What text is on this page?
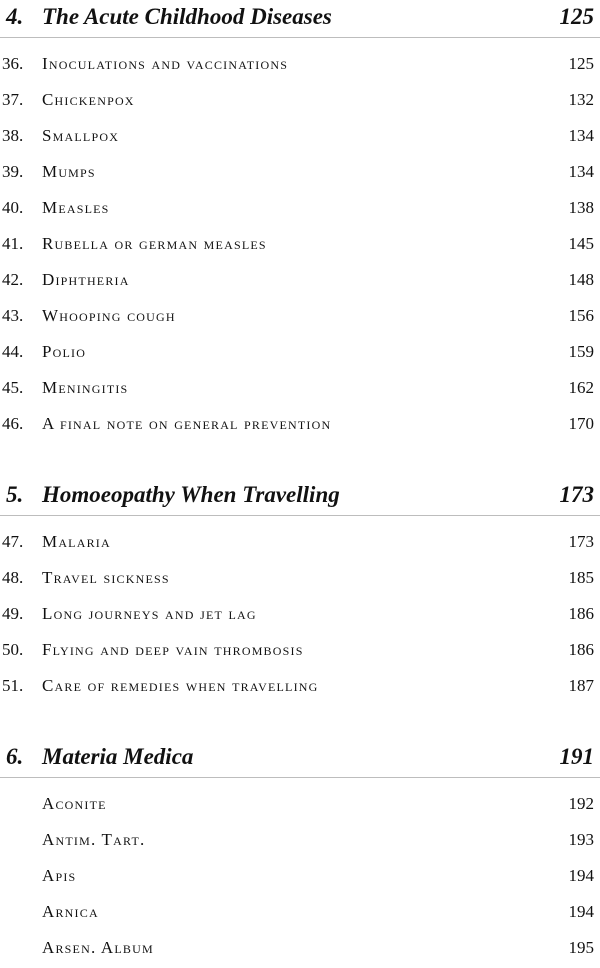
4. The Acute Childhood Diseases	125
36. Inoculations and vaccinations	125
37. Chickenpox	132
38. Smallpox	134
39. Mumps	134
40. Measles	138
41. Rubella or german measles	145
42. Diphtheria	148
43. Whooping cough	156
44. Polio	159
45. Meningitis	162
46. A final note on general prevention	170
5. Homoeopathy When Travelling	173
47. Malaria	173
48. Travel sickness	185
49. Long journeys and jet lag	186
50. Flying and deep vain thrombosis	186
51. Care of remedies when travelling	187
6. Materia Medica	191
Aconite	192
Antim. Tart.	193
Apis	194
Arnica	194
Arsen. Album	195
